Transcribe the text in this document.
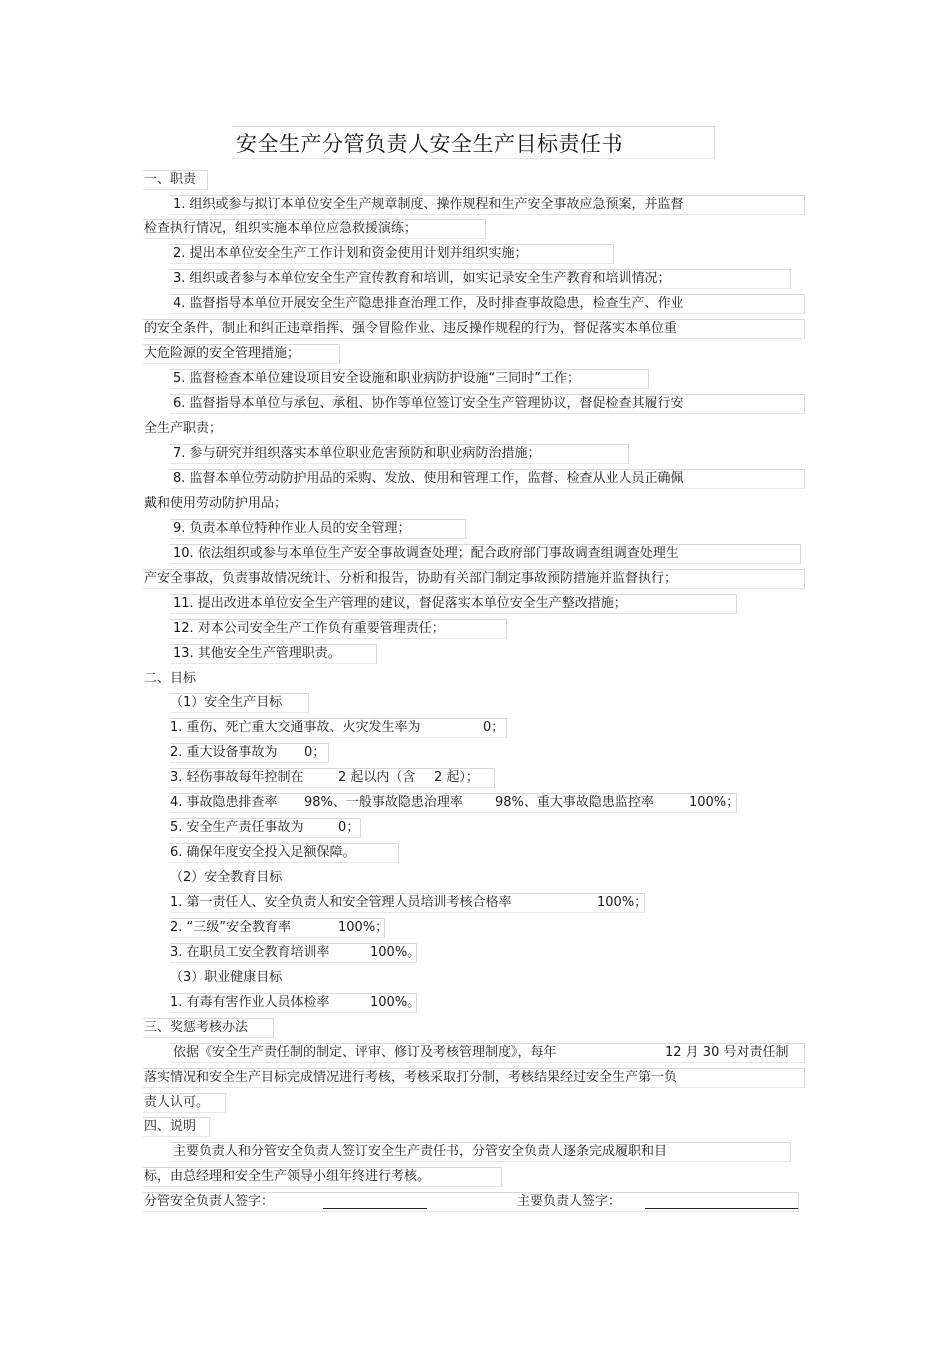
安全生产分管负责人安全生产目标责任书
一、职责
1. 组织或参与拟订本单位安全生产规章制度、操作规程和生产安全事故应急预案，并监督
检查执行情况，组织实施本单位应急救援演练；
2. 提出本单位安全生产工作计划和资金使用计划并组织实施；
3. 组织或者参与本单位安全生产宣传教育和培训，如实记录安全生产教育和培训情况；
4. 监督指导本单位开展安全生产隐患排查治理工作，及时排查事故隐患，检查生产、作业
的安全条件，制止和纠正违章指挥、强令冒险作业、违反操作规程的行为，督促落实本单位重
大危险源的安全管理措施；
5. 监督检查本单位建设项目安全设施和职业病防护设施“三同时”工作；
6. 监督指导本单位与承包、承租、协作等单位签订安全生产管理协议，督促检查其履行安
全生产职责；
7. 参与研究并组织落实本单位职业危害预防和职业病防治措施；
8. 监督本单位劳动防护用品的采购、发放、使用和管理工作，监督、检查从业人员正确佩
戴和使用劳动防护用品；
9. 负责本单位特种作业人员的安全管理；
10. 依法组织或参与本单位生产安全事故调查处理；配合政府部门事故调查组调查处理生
产安全事故，负责事故情况统计、分析和报告，协助有关部门制定事故预防措施并监督执行；
11. 提出改进本单位安全生产管理的建议，督促落实本单位安全生产整改措施；
12. 对本公司安全生产工作负有重要管理责任；
13. 其他安全生产管理职责。
二、目标
（1）安全生产目标
1. 重伤、死亡重大交通事故、火灾发生率为	0；
2. 重大设备事故为 0；
3. 轻伤事故每年控制在	2 起以内（含 2 起）；
4. 事故隐患排查率 98%、一般事故隐患治理率 98%、重大事故隐患监控率	100%；
5. 安全生产责任事故为	0；
6. 确保年度安全投入足额保障。
（2）安全教育目标
1. 第一责任人、安全负责人和安全管理人员培训考核合格率	100%；
2. “三级”安全教育率	100%；
3. 在职员工安全教育培训率	100%。
（3）职业健康目标
1. 有毒有害作业人员体检率	100%。
三、奖惩考核办法
依据《安全生产责任制的制定、评审、修订及考核管理制度》，每年	12 月 30 号对责任制
落实情况和安全生产目标完成情况进行考核，考核采取打分制，考核结果经过安全生产第一负
责人认可。
四、说明
主要负责人和分管安全负责人签订安全生产责任书，分管安全负责人逐条完成履职和目
标，由总经理和安全生产领导小组年终进行考核。
分管安全负责人签字：	主要负责人签字：
